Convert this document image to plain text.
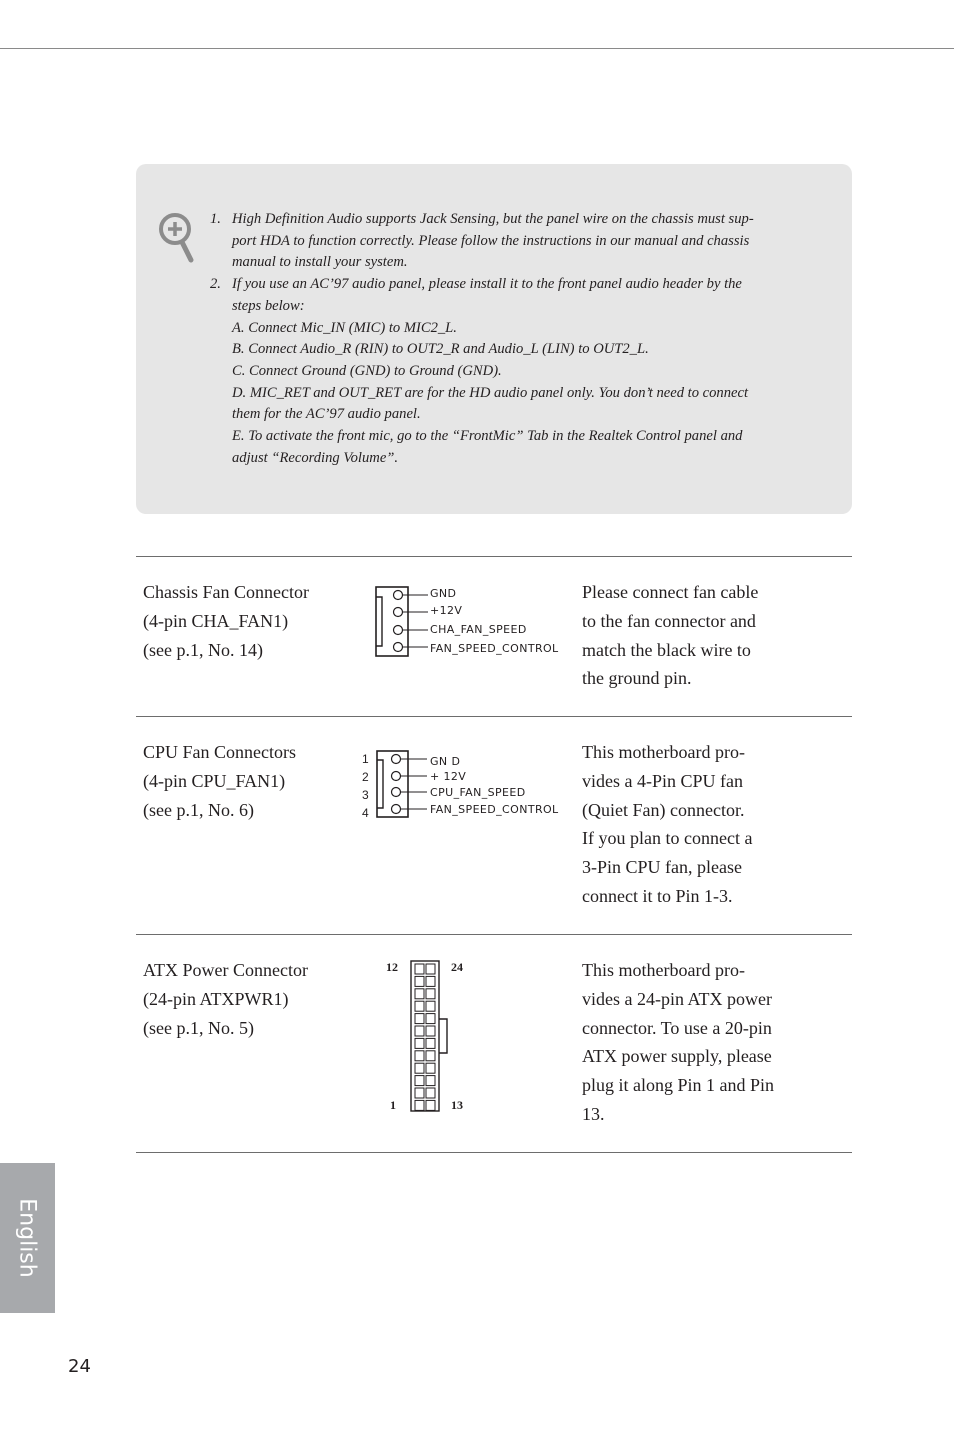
1. High Definition Audio supports Jack Sensing, but the panel wire on the chassis must sup-
port HDA to function correctly. Please follow the instructions in our manual and chassis
manual to install your system.
2. If you use an AC’97 audio panel, please install it to the front panel audio header by the
steps below:
A. Connect Mic_IN (MIC) to MIC2_L.
B. Connect Audio_R (RIN) to OUT2_R and Audio_L (LIN) to OUT2_L.
C. Connect Ground (GND) to Ground (GND).
D. MIC_RET and OUT_RET are for the HD audio panel only. You don’t need to connect
them for the AC’97 audio panel.
E. To activate the front mic, go to the “FrontMic” Tab in the Realtek Control panel and
adjust “Recording Volume”.
Chassis Fan Connector
(4-pin CHA_FAN1)
(see p.1, No. 14)
GND
+12V
CHA_FAN_SPEED
FAN_SPEED_CONTROL
Please connect fan cable
to the fan connector and
match the black wire to
the ground pin.
CPU Fan Connectors
(4-pin CPU_FAN1)
(see p.1, No. 6)
1
2
3
4
GN D
+ 12V
CPU_FAN_SPEED
FAN_SPEED_CONTROL
This motherboard pro-
vides a 4-Pin CPU fan
(Quiet Fan) connector.
If you plan to connect a
3-Pin CPU fan, please
connect it to Pin 1-3.
ATX Power Connector
(24-pin ATXPWR1)
(see p.1, No. 5)
12	24
1	13
This motherboard pro-
vides a 24-pin ATX power
connector. To use a 20-pin
ATX power supply, please
plug it along Pin 1 and Pin
13.
English
24
